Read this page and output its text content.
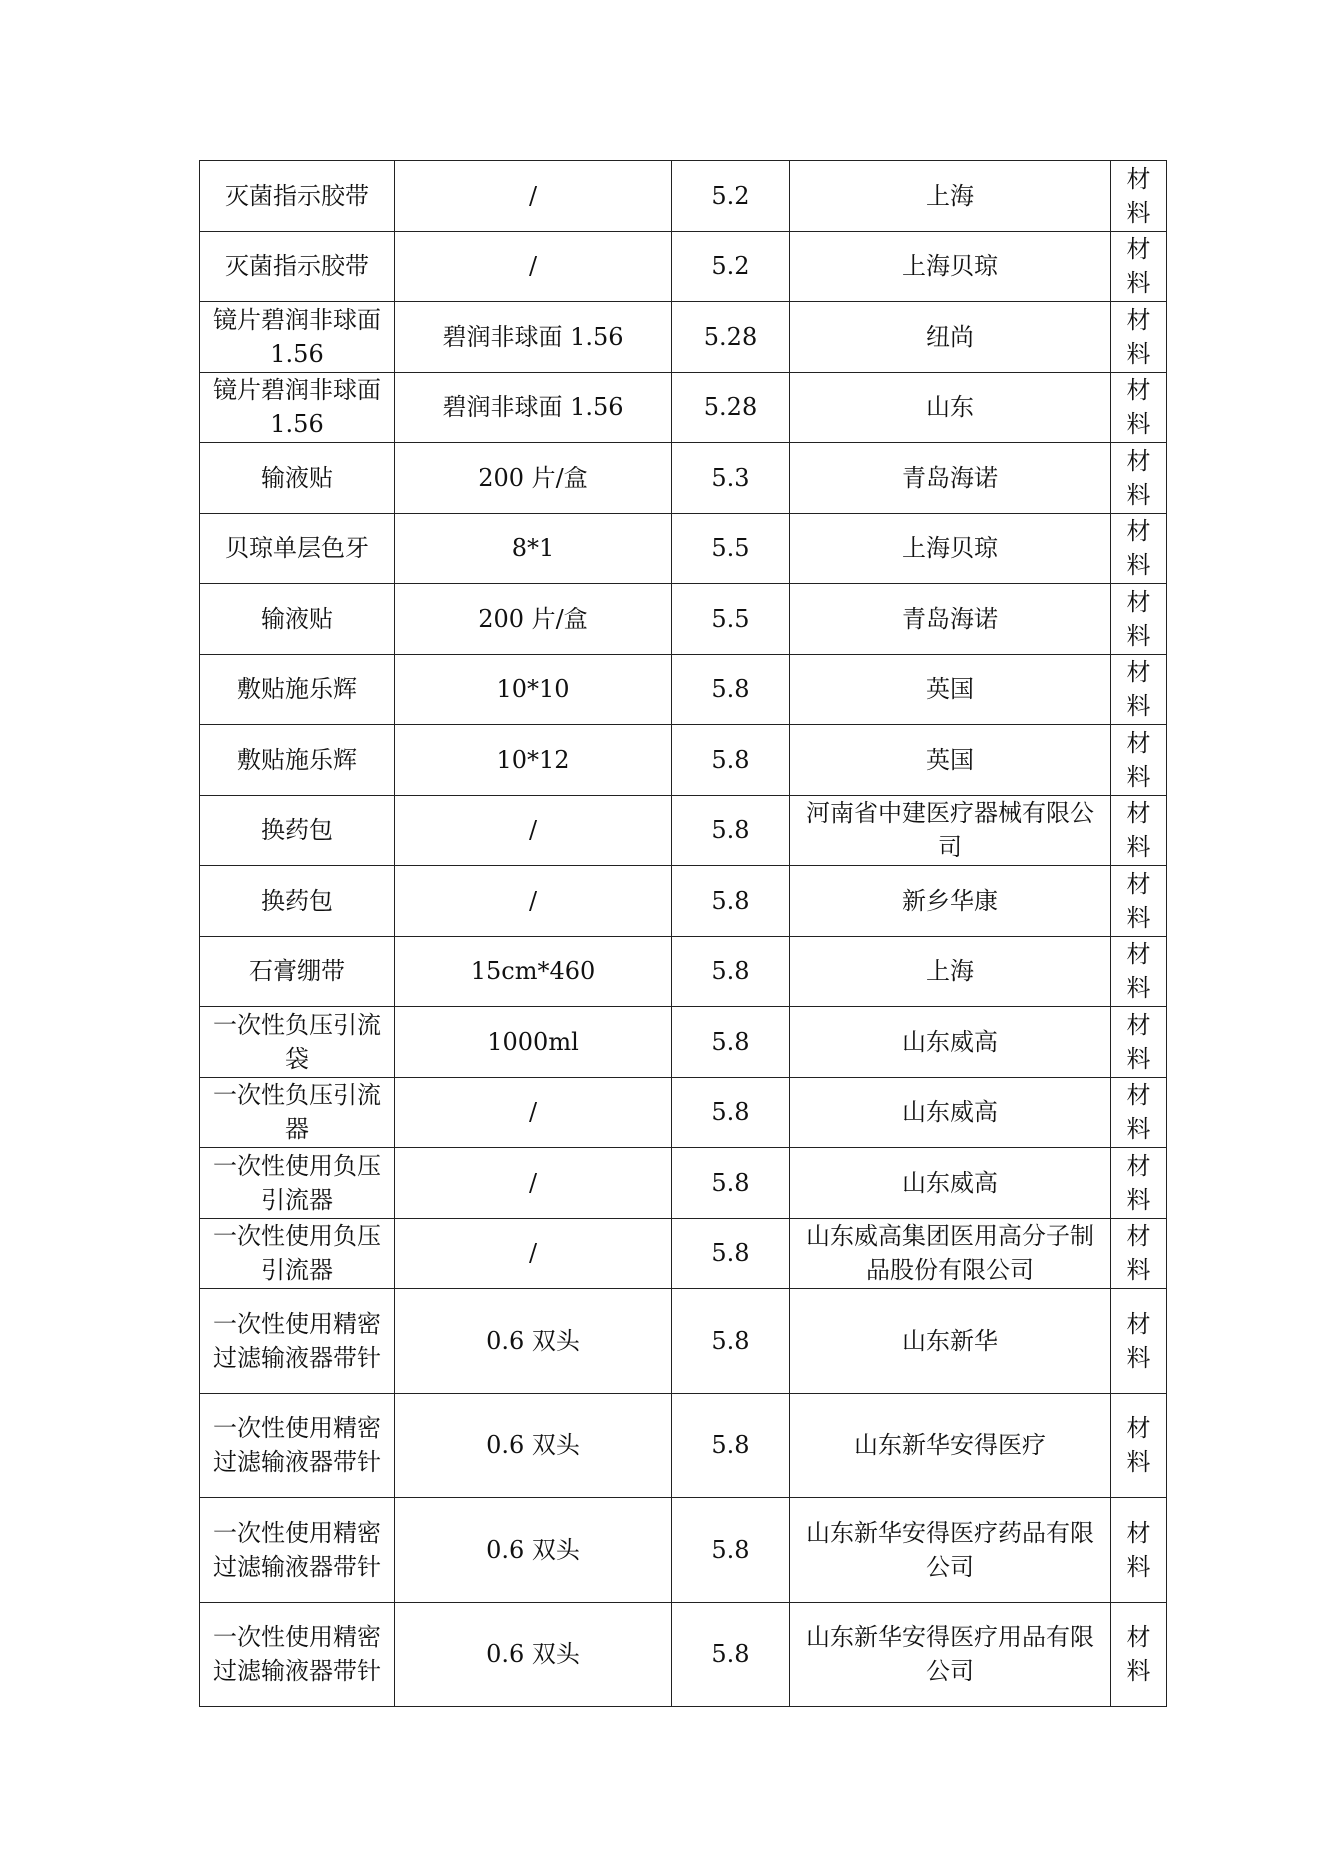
灭菌指示胶带	/	5.2	上海	材料
灭菌指示胶带	/	5.2	上海贝琼	材料
镜片碧润非球面 1.56	碧润非球面 1.56	5.28	纽尚	材料
镜片碧润非球面 1.56	碧润非球面 1.56	5.28	山东	材料
输液贴	200 片/盒	5.3	青岛海诺	材料
贝琼单层色牙	8*1	5.5	上海贝琼	材料
输液贴	200 片/盒	5.5	青岛海诺	材料
敷贴施乐辉	10*10	5.8	英国	材料
敷贴施乐辉	10*12	5.8	英国	材料
换药包	/	5.8	河南省中建医疗器械有限公司	材料
换药包	/	5.8	新乡华康	材料
石膏绷带	15cm*460	5.8	上海	材料
一次性负压引流袋	1000ml	5.8	山东威高	材料
一次性负压引流器	/	5.8	山东威高	材料
一次性使用负压引流器	/	5.8	山东威高	材料
一次性使用负压引流器	/	5.8	山东威高集团医用高分子制品股份有限公司	材料
一次性使用精密过滤输液器带针	0.6 双头	5.8	山东新华	材料
一次性使用精密过滤输液器带针	0.6 双头	5.8	山东新华安得医疗	材料
一次性使用精密过滤输液器带针	0.6 双头	5.8	山东新华安得医疗药品有限公司	材料
一次性使用精密过滤输液器带针	0.6 双头	5.8	山东新华安得医疗用品有限公司	材料
